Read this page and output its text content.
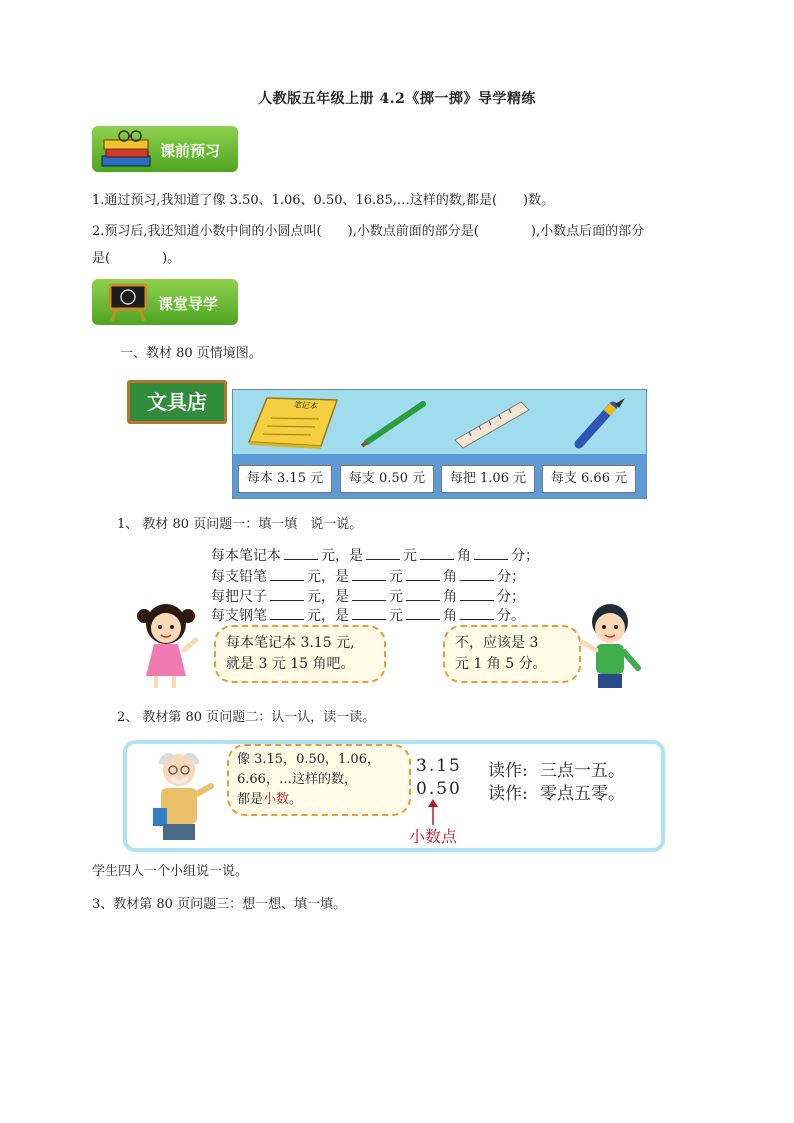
人教版五年级上册 4.2《掷一掷》导学精练
课前预习
1.通过预习,我知道了像 3.50、1.06、0.50、16.85,…这样的数,都是(　　)数。
2.预习后,我还知道小数中间的小圆点叫(　　),小数点前面的部分是(　　　　),小数点后面的部分
是(　　　　)。
课堂导学
一、教材 80 页情境图。
文具店	笔记本
每本 3.15 元	每支 0.50 元	每把 1.06 元	每支 6.66 元
1、 教材 80 页问题一：填一填　说一说。
每本笔记本	元，是	元	角	分；
每支铅笔	元，是	元	角	分；
每把尺子	元，是	元	角	分；
每支钢笔	元，是	元	角	分。
每本笔记本 3.15 元,
就是 3 元 15 角吧。
不，应该是 3
元 1 角 5 分。
2、 教材第 80 页问题二：认一认，读一读。
像 3.15，0.50，1.06，
6.66，…这样的数，
都是小数。
3.15 读作: 三点一五。
0.50 读作: 零点五零。
小数点
学生四人一个小组说一说。
3、教材第 80 页问题三：想一想、填一填。
